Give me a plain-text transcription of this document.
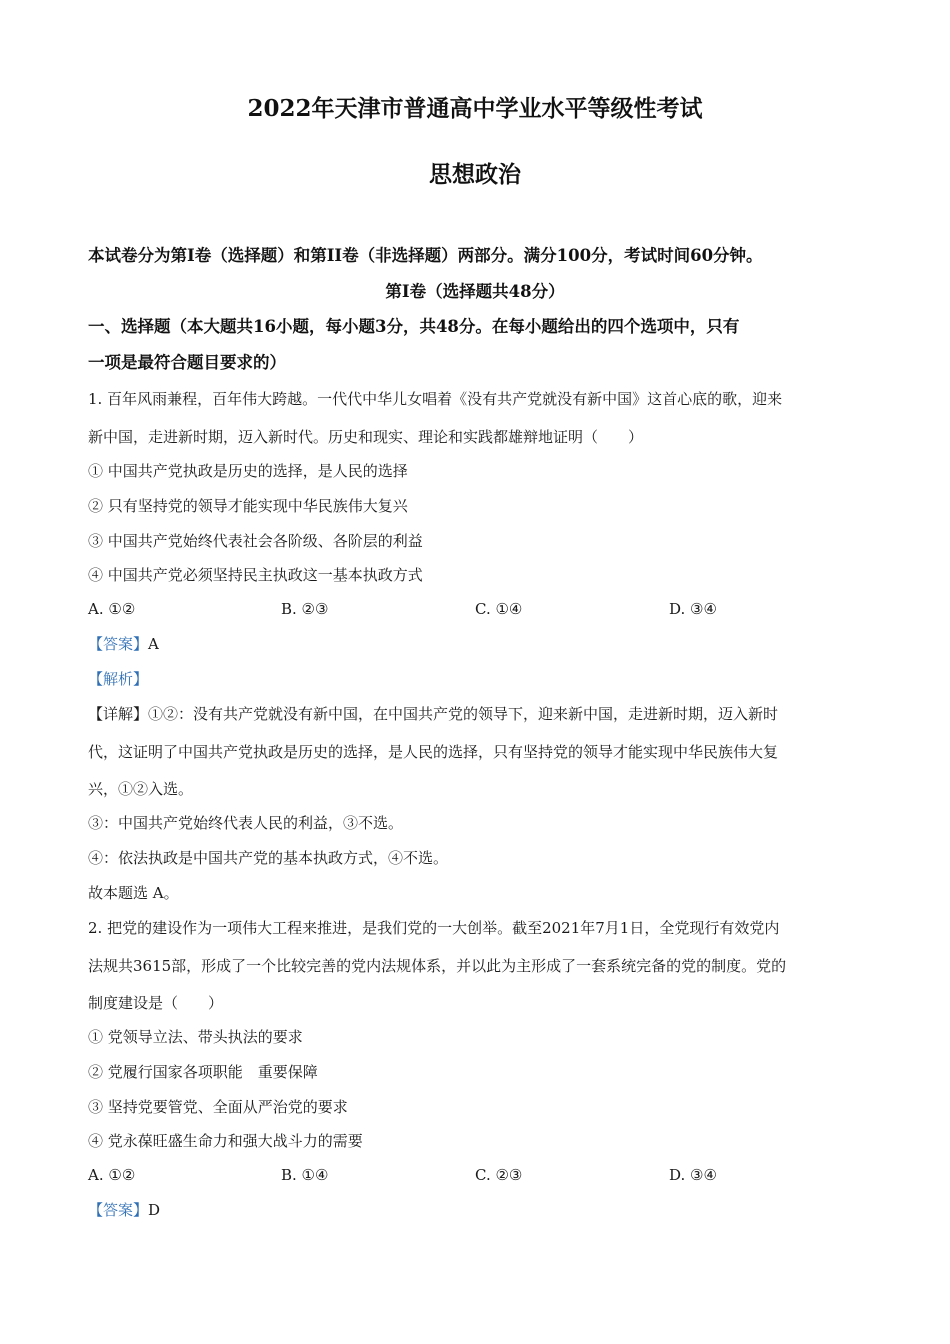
2022年天津市普通高中学业水平等级性考试
思想政治
本试卷分为第Ⅰ卷（选择题）和第II卷（非选择题）两部分。满分100分，考试时间60分钟。
第Ⅰ卷（选择题共48分）
一、选择题（本大题共16小题，每小题3分，共48分。在每小题给出的四个选项中，只有
一项是最符合题目要求的）
1. 百年风雨兼程，百年伟大跨越。一代代中华儿女唱着《没有共产党就没有新中国》这首心底的歌，迎来
新中国，走进新时期，迈入新时代。历史和现实、理论和实践都雄辩地证明（　　）
① 中国共产党执政是历史的选择，是人民的选择
② 只有坚持党的领导才能实现中华民族伟大复兴
③ 中国共产党始终代表社会各阶级、各阶层的利益
④ 中国共产党必须坚持民主执政这一基本执政方式
A. ①②	B. ②③	C. ①④	D. ③④
【答案】A
【解析】
【详解】①②：没有共产党就没有新中国，在中国共产党的领导下，迎来新中国，走进新时期，迈入新时
代，这证明了中国共产党执政是历史的选择，是人民的选择，只有坚持党的领导才能实现中华民族伟大复
兴，①②入选。
③：中国共产党始终代表人民的利益，③不选。
④：依法执政是中国共产党的基本执政方式，④不选。
故本题选 A。
2. 把党的建设作为一项伟大工程来推进，是我们党的一大创举。截至2021年7月1日，全党现行有效党内
法规共3615部，形成了一个比较完善的党内法规体系，并以此为主形成了一套系统完备的党的制度。党的
制度建设是（　　）
① 党领导立法、带头执法的要求
② 党履行国家各项职能　重要保障
③ 坚持党要管党、全面从严治党的要求
④ 党永葆旺盛生命力和强大战斗力的需要
A. ①②	B. ①④	C. ②③	D. ③④
【答案】D
